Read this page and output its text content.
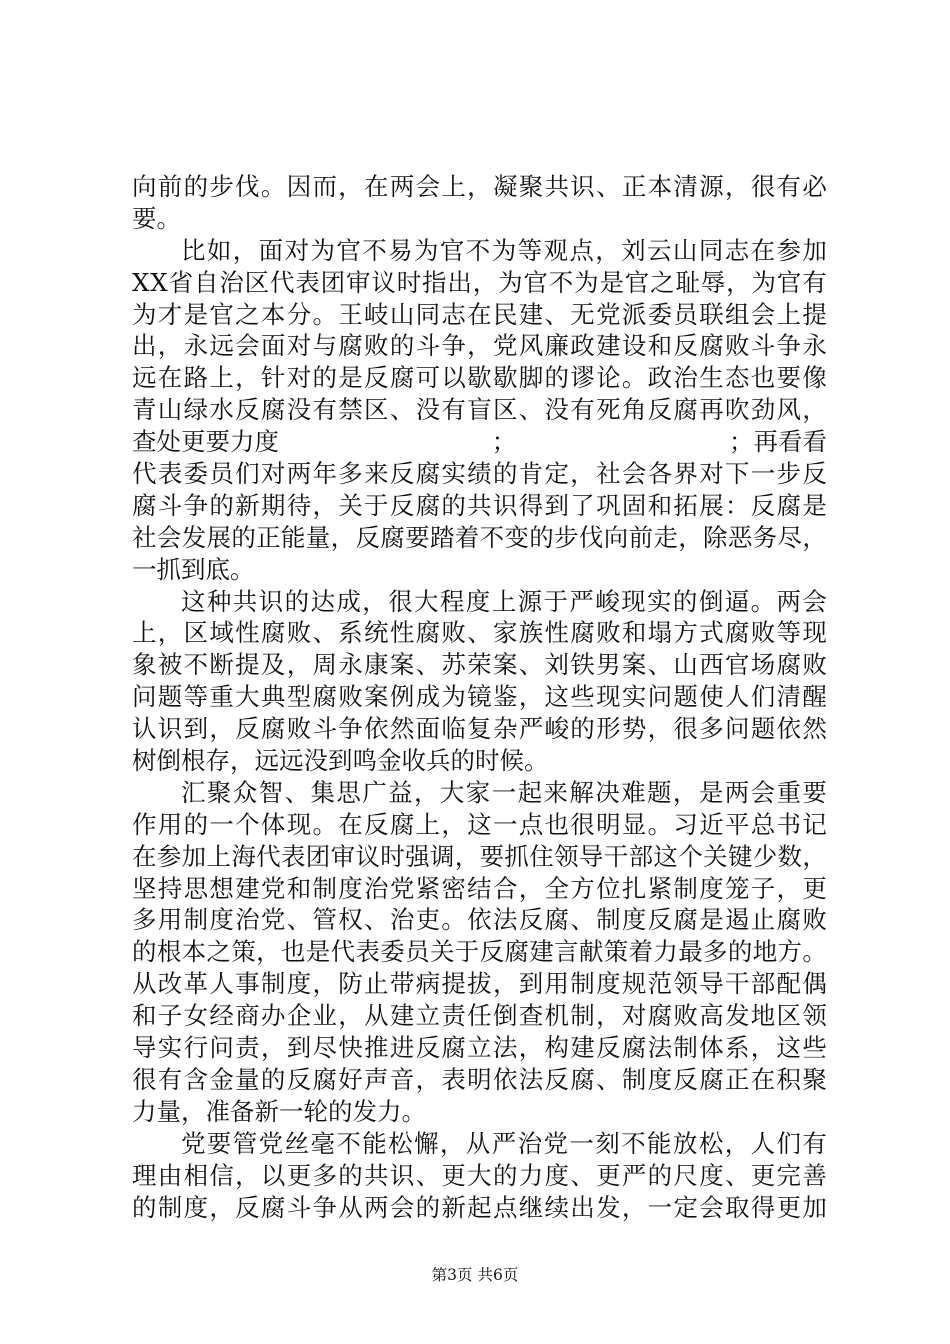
向 前 的 步 伐 。 因 而 ， 在 两 会 上 ， 凝 聚 共 识 、 正 本 清 源 ， 很 有 必
要。
比 如 ， 面 对 为 官 不 易 为 官 不 为 等 观 点 ， 刘 云 山 同 志 在 参 加
X X 省 自 治 区 代 表 团 审 议 时 指 出 ， 为 官 不 为 是 官 之 耻 辱 ， 为 官 有
为 才 是 官 之 本 分 。 王 岐 山 同 志 在 民 建 、 无 党 派 委 员 联 组 会 上 提
出 ， 永 远 会 面 对 与 腐 败 的 斗 争 ， 党 风 廉 政 建 设 和 反 腐 败 斗 争 永
远 在 路 上 ， 针 对 的 是 反 腐 可 以 歇 歇 脚 的 谬 论 。 政 治 生 态 也 要 像
青 山 绿 水 反 腐 没 有 禁 区 、 没 有 盲 区 、 没 有 死 角 反 腐 再 吹 劲 风 ，
查处更要力度	；	；再看看
代 表 委 员 们 对 两 年 多 来 反 腐 实 绩 的 肯 定 ， 社 会 各 界 对 下 一 步 反
腐 斗 争 的 新 期 待 ， 关 于 反 腐 的 共 识 得 到 了 巩 固 和 拓 展 ： 反 腐 是
社 会 发 展 的 正 能 量 ， 反 腐 要 踏 着 不 变 的 步 伐 向 前 走 ， 除 恶 务 尽 ，
一抓到底。
这 种 共 识 的 达 成 ， 很 大 程 度 上 源 于 严 峻 现 实 的 倒 逼 。 两 会
上 ， 区 域 性 腐 败 、 系 统 性 腐 败 、 家 族 性 腐 败 和 塌 方 式 腐 败 等 现
象 被 不 断 提 及 ， 周 永 康 案 、 苏 荣 案 、 刘 铁 男 案 、 山 西 官 场 腐 败
问 题 等 重 大 典 型 腐 败 案 例 成 为 镜 鉴 ， 这 些 现 实 问 题 使 人 们 清 醒
认 识 到 ， 反 腐 败 斗 争 依 然 面 临 复 杂 严 峻 的 形 势 ， 很 多 问 题 依 然
树倒根存，远远没到鸣金收兵的时候。
汇 聚 众 智 、 集 思 广 益 ， 大 家 一 起 来 解 决 难 题 ， 是 两 会 重 要
作 用 的 一 个 体 现 。 在 反 腐 上 ， 这 一 点 也 很 明 显 。 习 近 平 总 书 记
在 参 加 上 海 代 表 团 审 议 时 强 调 ， 要 抓 住 领 导 干 部 这 个 关 键 少 数 ，
坚 持 思 想 建 党 和 制 度 治 党 紧 密 结 合 ， 全 方 位 扎 紧 制 度 笼 子 ， 更
多 用 制 度 治 党 、 管 权 、 治 吏 。 依 法 反 腐 、 制 度 反 腐 是 遏 止 腐 败
的 根 本 之 策 ， 也 是 代 表 委 员 关 于 反 腐 建 言 献 策 着 力 最 多 的 地 方 。
从 改 革 人 事 制 度 ， 防 止 带 病 提 拔 ， 到 用 制 度 规 范 领 导 干 部 配 偶
和 子 女 经 商 办 企 业 ， 从 建 立 责 任 倒 查 机 制 ， 对 腐 败 高 发 地 区 领
导 实 行 问 责 ， 到 尽 快 推 进 反 腐 立 法 ， 构 建 反 腐 法 制 体 系 ， 这 些
很 有 含 金 量 的 反 腐 好 声 音 ， 表 明 依 法 反 腐 、 制 度 反 腐 正 在 积 聚
力量，准备新一轮的发力。
党 要 管 党 丝 毫 不 能 松 懈 ， 从 严 治 党 一 刻 不 能 放 松 ， 人 们 有
理 由 相 信 ， 以 更 多 的 共 识 、 更 大 的 力 度 、 更 严 的 尺 度 、 更 完 善
的 制 度 ， 反 腐 斗 争 从 两 会 的 新 起 点 继 续 出 发 ， 一 定 会 取 得 更 加
第3页 共6页
